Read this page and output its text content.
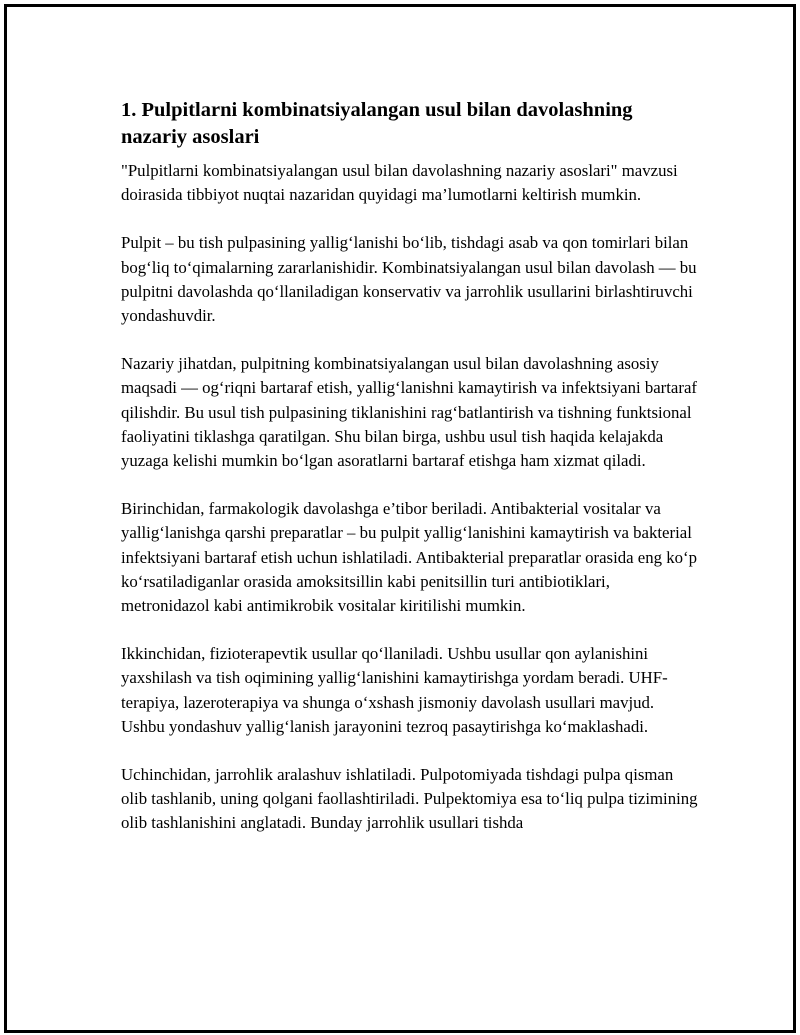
1. Pulpitlarni kombinatsiyalangan usul bilan davolashning nazariy asoslari

"Pulpitlarni kombinatsiyalangan usul bilan davolashning nazariy asoslari" mavzusi doirasida tibbiyot nuqtai nazaridan quyidagi ma’lumotlarni keltirish mumkin.

Pulpit – bu tish pulpasining yallig‘lanishi bo‘lib, tishdagi asab va qon tomirlari bilan bog‘liq to‘qimalarning zararlanishidir. Kombinatsiyalangan usul bilan davolash — bu pulpitni davolashda qo‘llaniladigan konservativ va jarrohlik usullarini birlashtiruvchi yondashuvdir.

Nazariy jihatdan, pulpitning kombinatsiyalangan usul bilan davolashning asosiy maqsadi — og‘riqni bartaraf etish, yallig‘lanishni kamaytirish va infektsiyani bartaraf qilishdir. Bu usul tish pulpasining tiklanishini rag‘batlantirish va tishning funktsional faoliyatini tiklashga qaratilgan. Shu bilan birga, ushbu usul tish haqida kelajakda yuzaga kelishi mumkin bo‘lgan asoratlarni bartaraf etishga ham xizmat qiladi.

Birinchidan, farmakologik davolashga e’tibor beriladi. Antibakterial vositalar va yallig‘lanishga qarshi preparatlar – bu pulpit yallig‘lanishini kamaytirish va bakterial infektsiyani bartaraf etish uchun ishlatiladi. Antibakterial preparatlar orasida eng ko‘p ko‘rsatiladiganlar orasida amoksitsillin kabi penitsillin turi antibiotiklari, metronidazol kabi antimikrobik vositalar kiritilishi mumkin.

Ikkinchidan, fizioterapevtik usullar qo‘llaniladi. Ushbu usullar qon aylanishini yaxshilash va tish oqimining yallig‘lanishini kamaytirishga yordam beradi. UHF-terapiya, lazeroterapiya va shunga o‘xshash jismoniy davolash usullari mavjud. Ushbu yondashuv yallig‘lanish jarayonini tezroq pasaytirishga ko‘maklashadi.

Uchinchidan, jarrohlik aralashuv ishlatiladi. Pulpotomiyada tishdagi pulpa qisman olib tashlanib, uning qolgani faollashtiriladi. Pulpektomiya esa to‘liq pulpa tizimining olib tashlanishini anglatadi. Bunday jarrohlik usullari tishda
